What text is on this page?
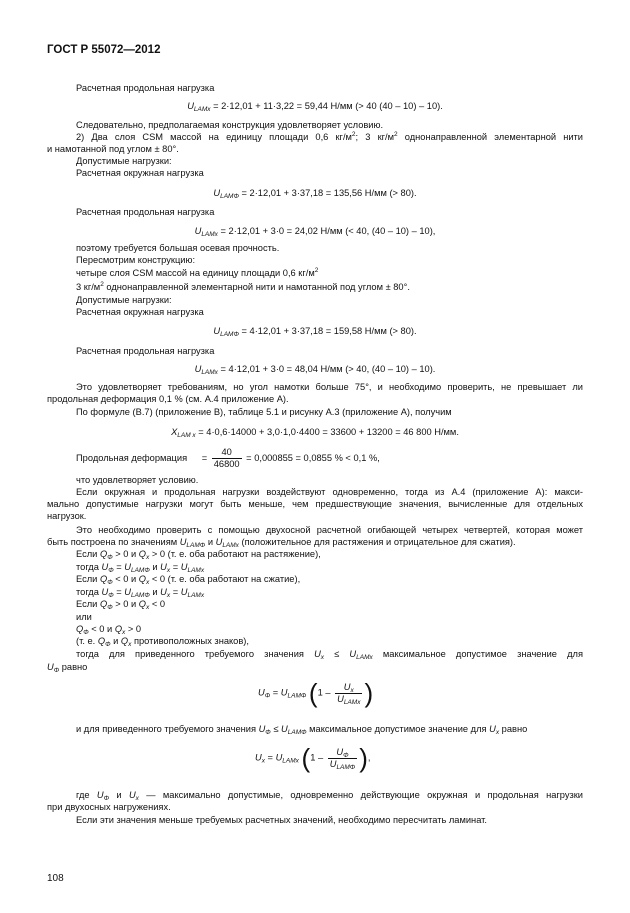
ГОСТ Р 55072—2012
Расчетная продольная нагрузка
$U_{LAMx} = 2\cdot 12,01 + 11\cdot 3,22 = 59,44$ Н/мм (> 40 (40 – 10) – 10).
Следовательно, предполагаемая конструкция удовлетворяет условию.
2) Два слоя CSM массой на единицу площади 0,6 $кг/м^2$; 3 $кг/м^2$ однонаправленной элементарной нити
и намотанной под углом ± 80°.
Допустимые нагрузки:
Расчетная окружная нагрузка
$U_{LAM\Phi} = 2\cdot 12,01 + 3\cdot 37,18 = 135,56$ Н/мм (> 80).
Расчетная продольная нагрузка
$U_{LAMx} = 2\cdot 12,01 + 3\cdot 0 = 24,02$ Н/мм (< 40, (40 – 10) – 10),
поэтому требуется большая осевая прочность.
Пересмотрим конструкцию:
четыре слоя CSM массой на единицу площади 0,6 $кг/м^2$
3 $кг/м^2$ однонаправленной элементарной нити и намотанной под углом ± 80°.
Допустимые нагрузки:
Расчетная окружная нагрузка
$U_{LAM\Phi} = 4\cdot 12,01 + 3\cdot 37,18 = 159,58$ Н/мм (> 80).
Расчетная продольная нагрузка
$U_{LAMx} = 4\cdot 12,01 + 3\cdot 0 = 48,04$ Н/мм (> 40, (40 – 10) – 10).
Это удовлетворяет требованиям, но угол намотки больше 75°, и необходимо проверить, не превышает ли
продольная деформация 0,1 % (см. А.4 приложение А).
По формуле (В.7) (приложение В), таблице 5.1 и рисунку А.3 (приложение А), получим
$X_{LAM x} = 4\cdot 0,6\cdot 14000 + 3,0\cdot 1,0\cdot 4400 = 33600 + 13200 = 46$ 800 Н/мм.
Продольная деформация = $\frac{40}{46800} = 0,000855 = 0,0855$ % < 0,1 %,
что удовлетворяет условию.
Если окружная и продольная нагрузки воздействуют одновременно, тогда из А.4 (приложение А): макси-
мально допустимые нагрузки могут быть меньше, чем предшествующие значения, вычисленные для отдельных
нагрузок.
Это необходимо проверить с помощью двухосной расчетной огибающей четырех четвертей, которая может
быть построена по значениям $U_{LAM\Phi}$ и $U_{LAMx}$ (положительное для растяжения и отрицательное для сжатия).
Если $Q_\Phi > 0$ и $Q_x > 0$ (т. е. оба работают на растяжение),
тогда $U_\Phi = U_{LAM\Phi}$ и $U_x = U_{LAMx}$
Если $Q_\Phi < 0$ и $Q_x < 0$ (т. е. оба работают на сжатие),
тогда $U_\Phi = U_{LAM\Phi}$ и $U_x = U_{LAMx}$
Если $Q_\Phi > 0$ и $Q_x < 0$
или
$Q_\Phi < 0$ и $Q_x > 0$
(т. е. $Q_\Phi$ и $Q_x$ противоположных знаков),
тогда для приведенного требуемого значения $U_x \le U_{LAMx}$ максимальное допустимое значение для
$U_\Phi$ равно
$U_\Phi = U_{LAM\Phi}$ ($1 - \frac{U_x}{U_{LAMx}}$ )
и для приведенного требуемого значения $U_\Phi \le U_{LAM\Phi}$ максимальное допустимое значение для $U_x$ равно
$U_x = U_{LAMx}$ ($1 - \frac{U_\Phi}{U_{LAM\Phi}}$ ),
где $U_\Phi$ и $U_x$ — максимально допустимые, одновременно действующие окружная и продольная нагрузки
при двухосных нагружениях.
Если эти значения меньше требуемых расчетных значений, необходимо пересчитать ламинат.
108
